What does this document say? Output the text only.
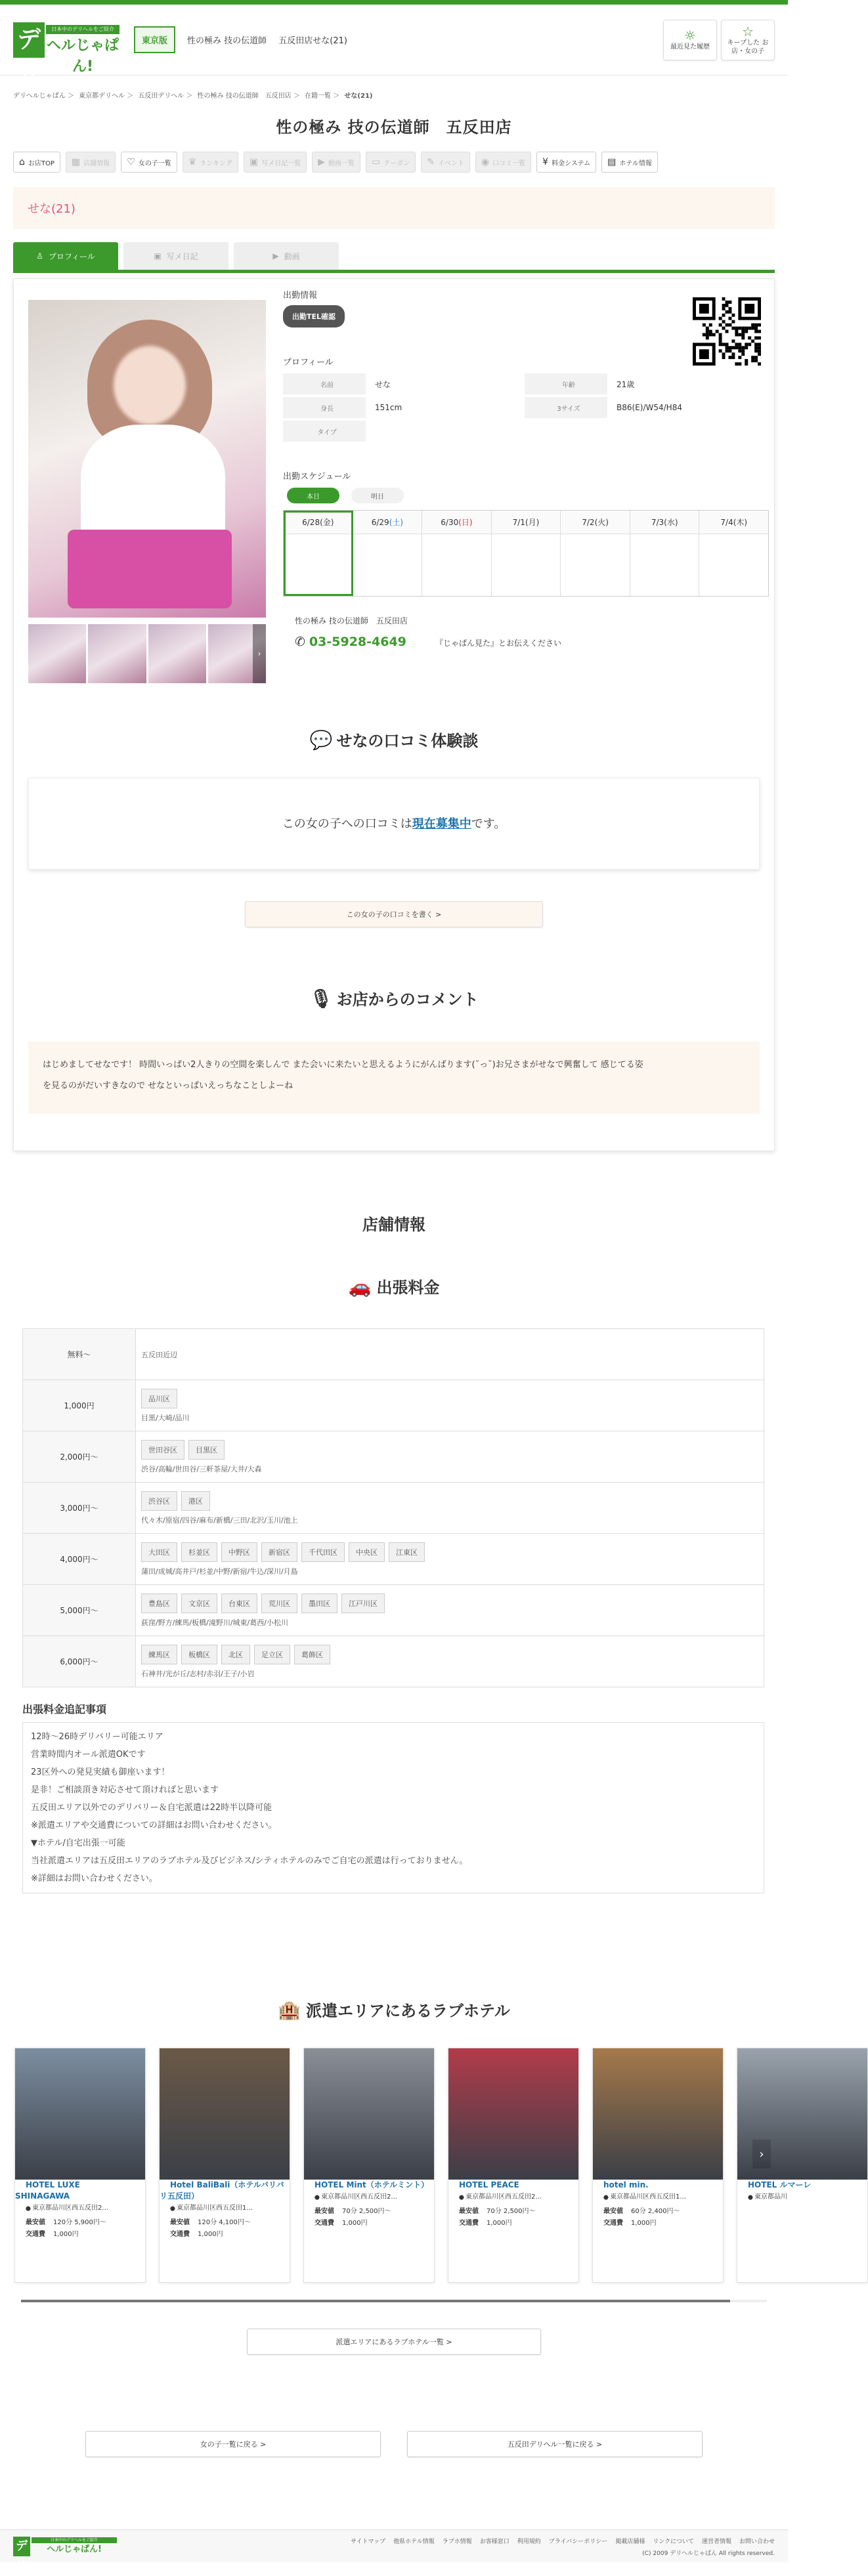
デリ
日本中のデリヘルをご紹介
ヘルじゃぱん!
東京版	性の極み 技の伝道師 五反田店せな(21)	☼
最近見た履歴
☆
キープした お店・女の子
デリヘルじゃぱん ＞ 東京都デリヘル ＞ 五反田デリヘル ＞ 性の極み 技の伝道師　五反田店 ＞ 在籍一覧 ＞ せな(21)
性の極み 技の伝道師　五反田店
⌂ お店TOP ▦ 店舗情報 ♡ 女の子一覧 ♛ ランキング ▣ 写メ日記一覧 ▶ 動画一覧 ▭ クーポン ✎ イベント ◉ 口コミ一覧 ¥ 料金システム ▤ ホテル情報
せな(21)
♙ プロフィール	▣ 写メ日記	▶ 動画
›
出勤情報
出勤TEL確認
プロフィール
名前	せな	年齢	21歳
身長	151cm	3サイズ	B86(E)/W54/H84
タイプ			
出勤スケジュール
本日	明日
6/28(金)	6/29(土)	6/30(日)	7/1(月)	7/2(火)	7/3(水)	7/4(木)
性の極み 技の伝道師　五反田店
✆ 03-5928-4649	『じゃぱん見た』とお伝えください
💬 せなの口コミ体験談
この女の子への口コミは現在募集中です。
この女の子の口コミを書く >
🎙 お店からのコメント
はじめましてせなです！ 時間いっぱい2人きりの空間を楽しんで また会いに来たいと思えるようにがんばります(˘っ˘)お兄さまがせなで興奮して 感じてる姿
を見るのがだいすきなので せなといっぱいえっちなことしよーね
店舗情報
🚗 出張料金
無料〜	五反田近辺

1,000円	品川区
目黒/大崎/品川

2,000円〜	世田谷区 目黒区
渋谷/高輪/世田谷/三軒茶屋/大井/大森

3,000円〜	渋谷区 港区
代々木/原宿/四谷/麻布/新橋/三田/北沢/玉川/池上

4,000円〜	大田区 杉並区 中野区 新宿区 千代田区 中央区 江東区
蒲田/成城/高井戸/杉並/中野/新宿/牛込/深川/月島

5,000円〜	豊島区 文京区 台東区 荒川区 墨田区 江戸川区
荻窪/野方/練馬/板橋/滝野川/城東/葛西/小松川

6,000円〜	練馬区 板橋区 北区 足立区 葛飾区
石神井/光が丘/志村/赤羽/王子/小岩
出張料金追記事項
12時〜26時デリバリー可能エリア
営業時間内オール派遣OKです
23区外への発見実績も御座います！
是非！ご相談頂き対応させて頂ければと思います
五反田エリア以外でのデリバリー＆自宅派遣は22時半以降可能
※派遣エリアや交通費についての詳細はお問い合わせください。
▼ホテル/自宅出張一可能
当社派遣エリアは五反田エリアのラブホテル及びビジネス/シティホテルのみでご自宅の派遣は行っておりません。
※詳細はお問い合わせください。
🏨 派遣エリアにあるラブホテル
HOTEL LUXE SHINAGAWA
⬤ 東京都品川区西五反田2...
最安値 120分 5,900円〜
交通費 1,000円
Hotel BaliBali（ホテルバリバリ五反田）
⬤ 東京都品川区西五反田1...
最安値 120分 4,100円〜
交通費 1,000円
HOTEL Mint（ホテルミント）
⬤ 東京都品川区西五反田2...
最安値 70分 2,500円〜
交通費 1,000円
HOTEL PEACE
⬤ 東京都品川区西五反田2...
最安値 70分 2,500円〜
交通費 1,000円
hotel min.
⬤ 東京都品川区西五反田1...
最安値 60分 2,400円〜
交通費 1,000円
HOTEL ルマーレ
⬤ 東京都品川
›
派遣エリアにあるラブホテル一覧 >
女の子一覧に戻る >	五反田デリヘル一覧に戻る >
デリ
日本中のデリヘルをご紹介
ヘルじゃぱん!
サイトマップ 他県ホテル情報 ラブホ情報 お客様窓口 利用規約 プライバシーポリシー 掲載店舗様 リンクについて 運営者情報 お問い合わせ
(C) 2009 デリヘルじゃぱん All rights reserved.
